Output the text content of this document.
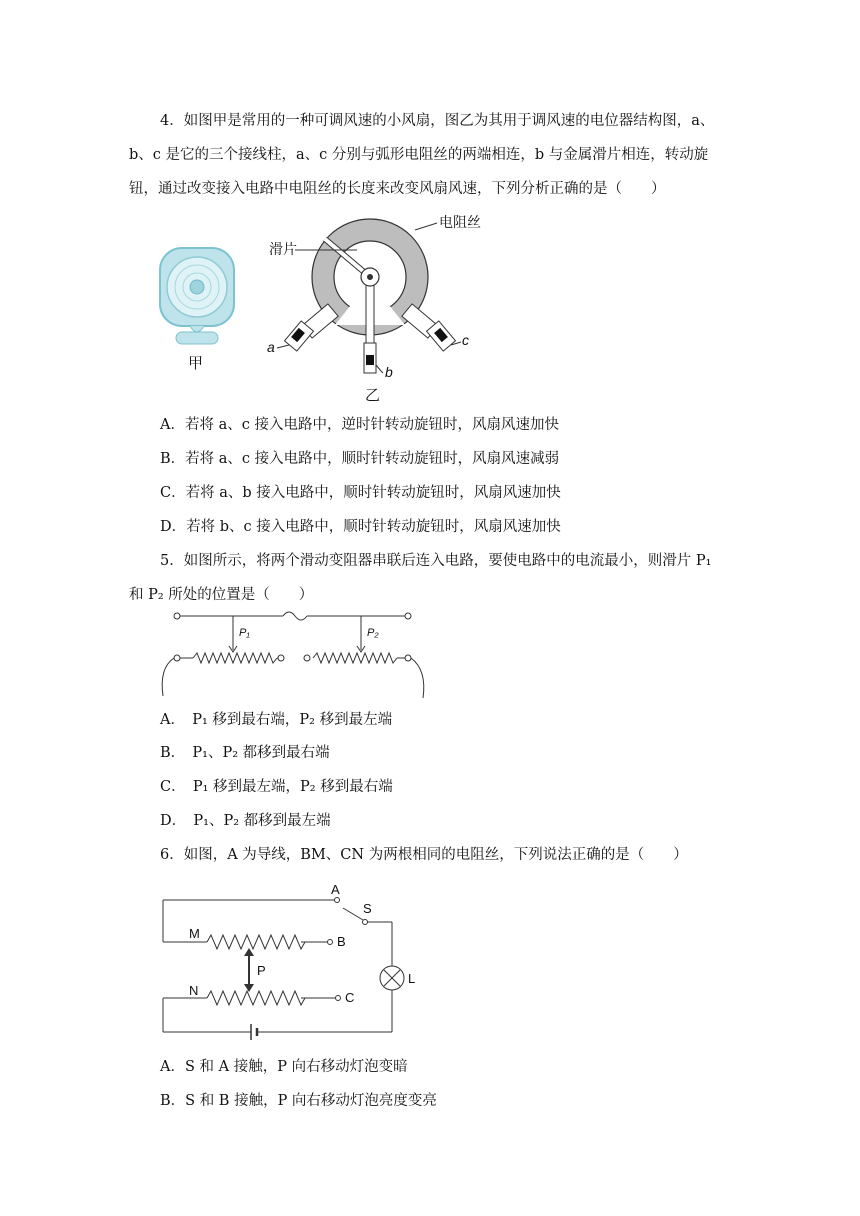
4．如图甲是常用的一种可调风速的小风扇，图乙为其用于调风速的电位器结构图，a、
b、c 是它的三个接线柱，a、c 分别与弧形电阻丝的两端相连，b 与金属滑片相连，转动旋
钮，通过改变接入电路中电阻丝的长度来改变风扇风速，下列分析正确的是（　　）
甲
滑片
电阻丝
a
b
c
乙
A．若将 a、c 接入电路中，逆时针转动旋钮时，风扇风速加快
B．若将 a、c 接入电路中，顺时针转动旋钮时，风扇风速减弱
C．若将 a、b 接入电路中，顺时针转动旋钮时，风扇风速加快
D．若将 b、c 接入电路中，顺时针转动旋钮时，风扇风速加快
5．如图所示，将两个滑动变阻器串联后连入电路，要使电路中的电流最小，则滑片 P₁
和 P₂ 所处的位置是（　　）
P₁	P₂
A．　P₁ 移到最右端，P₂ 移到最左端
B．　P₁、P₂ 都移到最右端
C．　P₁ 移到最左端，P₂ 移到最右端
D．　P₁、P₂ 都移到最左端
6．如图，A 为导线，BM、CN 为两根相同的电阻丝，下列说法正确的是（　　）
A
S
L
M
B
P
N	C
A．S 和 A 接触，P 向右移动灯泡变暗
B．S 和 B 接触，P 向右移动灯泡亮度变亮
